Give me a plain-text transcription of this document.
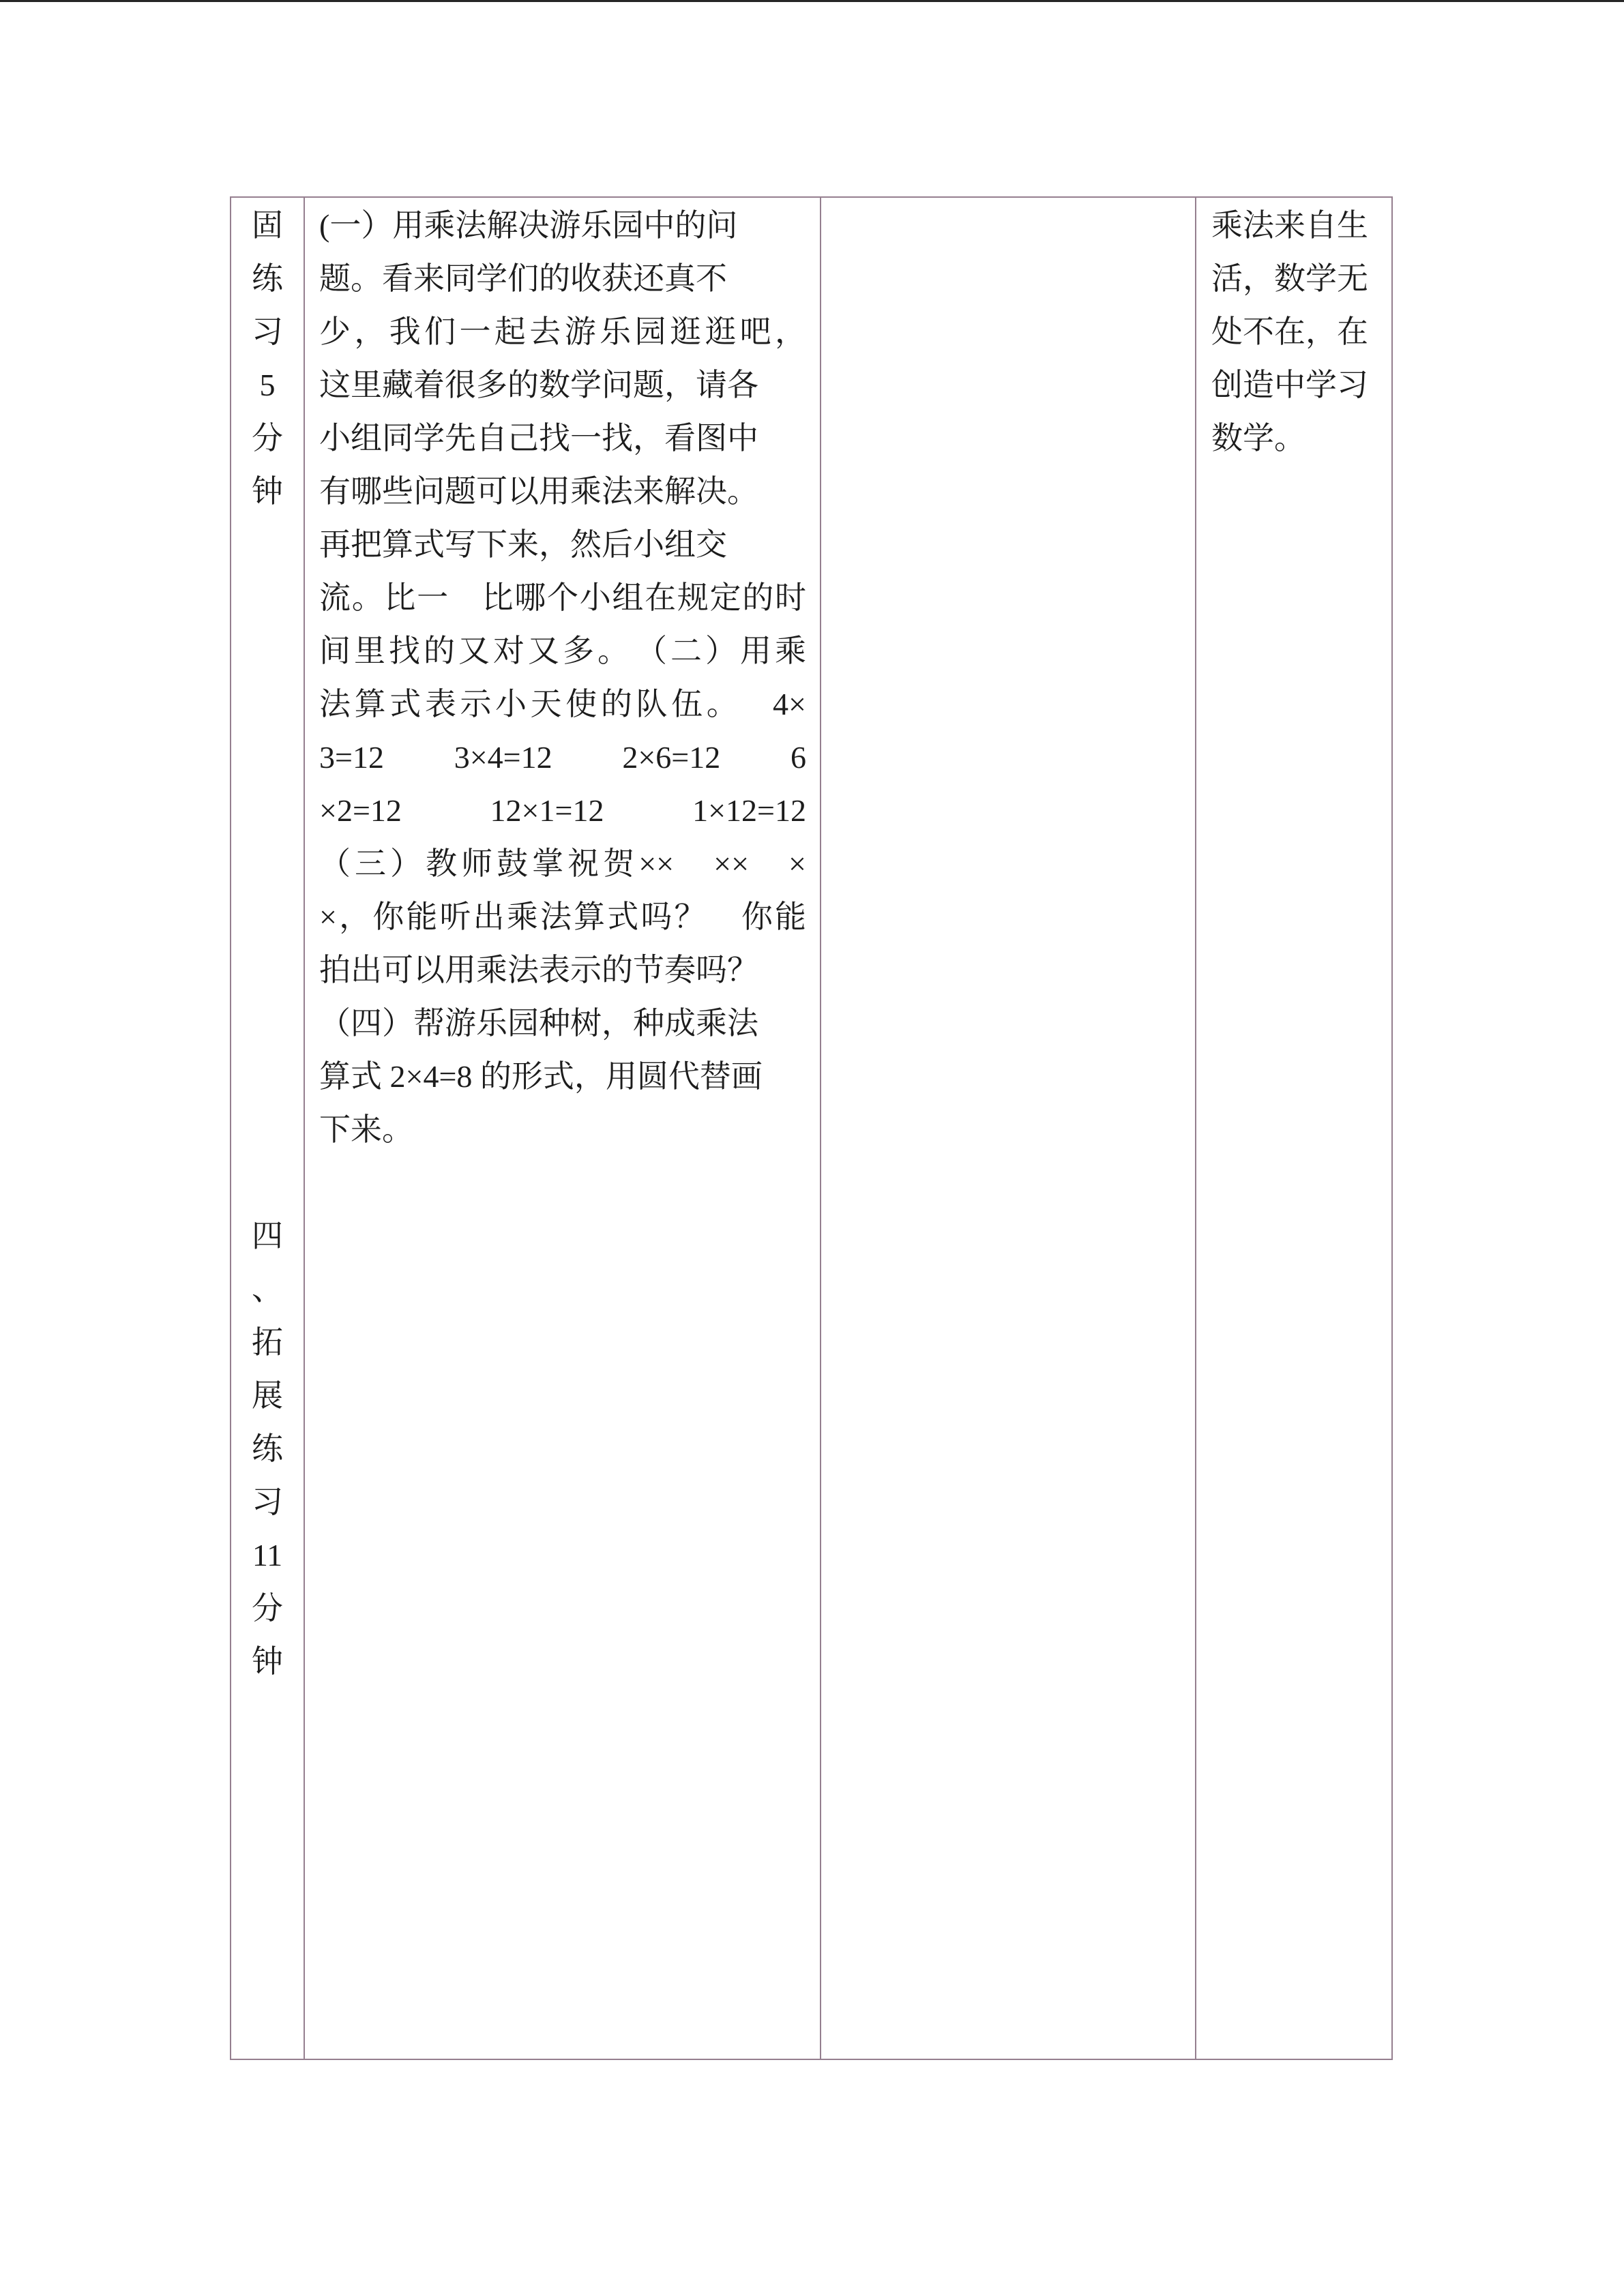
固
练
习
5
分
钟
四
、
拓
展
练
习
11
分
钟
(一）用乘法解决游乐园中的问
题。看来同学们的收获还真不
少，我们一起去游乐园逛逛吧，
这里藏着很多的数学问题，请各
小组同学先自己找一找，看图中
有哪些问题可以用乘法来解决。
再把算式写下来，然后小组交
流。比一　比哪个小组在规定的时
间里找的又对又多。　（二）用乘
法算式表示小天使的队伍。　 4×
3=12　 3×4=12　 2×6=12　 6
×2=12　 12×1=12　 1×12=12
（三）教师鼓掌祝贺××　××　×
×，你能听出乘法算式吗？　你能
拍出可以用乘法表示的节奏吗？
（四）帮游乐园种树，种成乘法
算式 2×4=8 的形式，用圆代替画
下来。
乘法来自生
活，数学无
处不在，在
创造中学习
数学。
